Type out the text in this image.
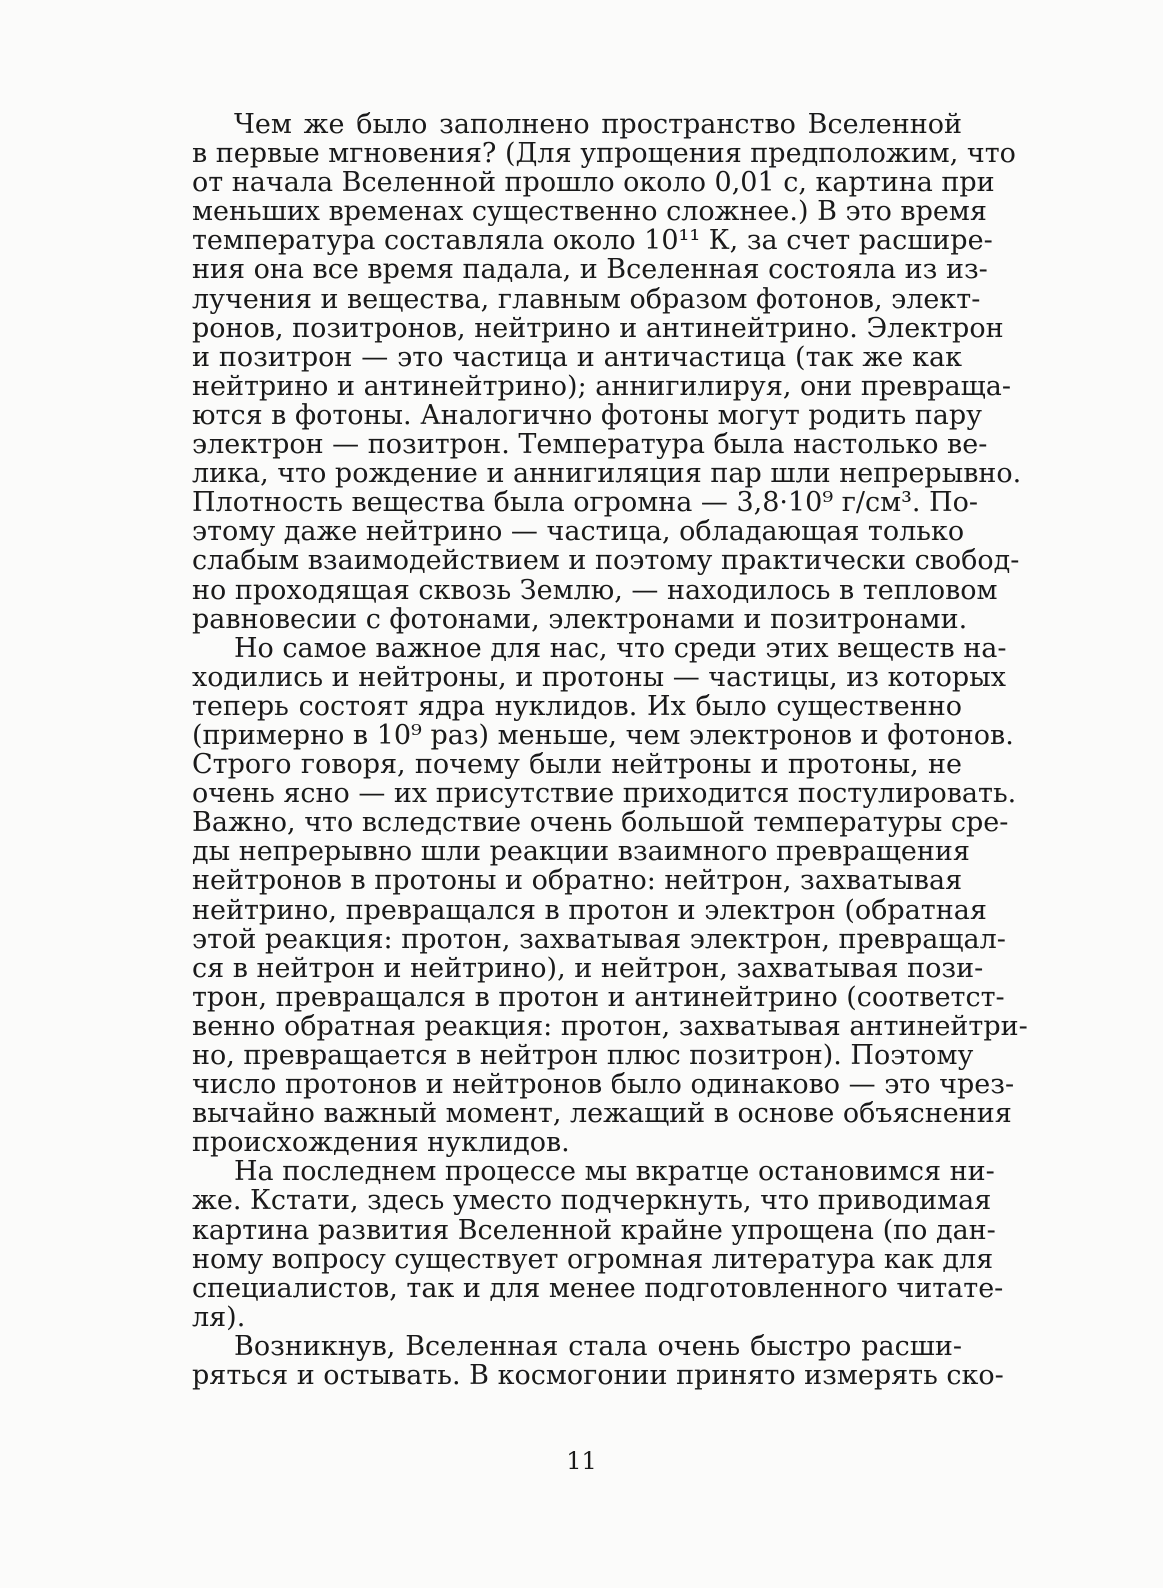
Чем же было заполнено пространство Вселенной
в первые мгновения? (Для упрощения предположим, что
от начала Вселенной прошло около 0,01 с, картина при
меньших временах существенно сложнее.) В это время
температура составляла около 10¹¹ К, за счет расшире-
ния она все время падала, и Вселенная состояла из из-
лучения и вещества, главным образом фотонов, элект-
ронов, позитронов, нейтрино и антинейтрино. Электрон
и позитрон — это частица и античастица (так же как
нейтрино и антинейтрино); аннигилируя, они превраща-
ются в фотоны. Аналогично фотоны могут родить пару
электрон — позитрон. Температура была настолько ве-
лика, что рождение и аннигиляция пар шли непрерывно.
Плотность вещества была огромна — 3,8·10⁹ г/см³. По-
этому даже нейтрино — частица, обладающая только
слабым взаимодействием и поэтому практически свобод-
но проходящая сквозь Землю, — находилось в тепловом
равновесии с фотонами, электронами и позитронами.
Но самое важное для нас, что среди этих веществ на-
ходились и нейтроны, и протоны — частицы, из которых
теперь состоят ядра нуклидов. Их было существенно
(примерно в 10⁹ раз) меньше, чем электронов и фотонов.
Строго говоря, почему были нейтроны и протоны, не
очень ясно — их присутствие приходится постулировать.
Важно, что вследствие очень большой температуры сре-
ды непрерывно шли реакции взаимного превращения
нейтронов в протоны и обратно: нейтрон, захватывая
нейтрино, превращался в протон и электрон (обратная
этой реакция: протон, захватывая электрон, превращал-
ся в нейтрон и нейтрино), и нейтрон, захватывая пози-
трон, превращался в протон и антинейтрино (соответст-
венно обратная реакция: протон, захватывая антинейтри-
но, превращается в нейтрон плюс позитрон). Поэтому
число протонов и нейтронов было одинаково — это чрез-
вычайно важный момент, лежащий в основе объяснения
происхождения нуклидов.
На последнем процессе мы вкратце остановимся ни-
же. Кстати, здесь уместо подчеркнуть, что приводимая
картина развития Вселенной крайне упрощена (по дан-
ному вопросу существует огромная литература как для
специалистов, так и для менее подготовленного читате-
ля).
Возникнув, Вселенная стала очень быстро расши-
ряться и остывать. В космогонии принято измерять ско-
11
